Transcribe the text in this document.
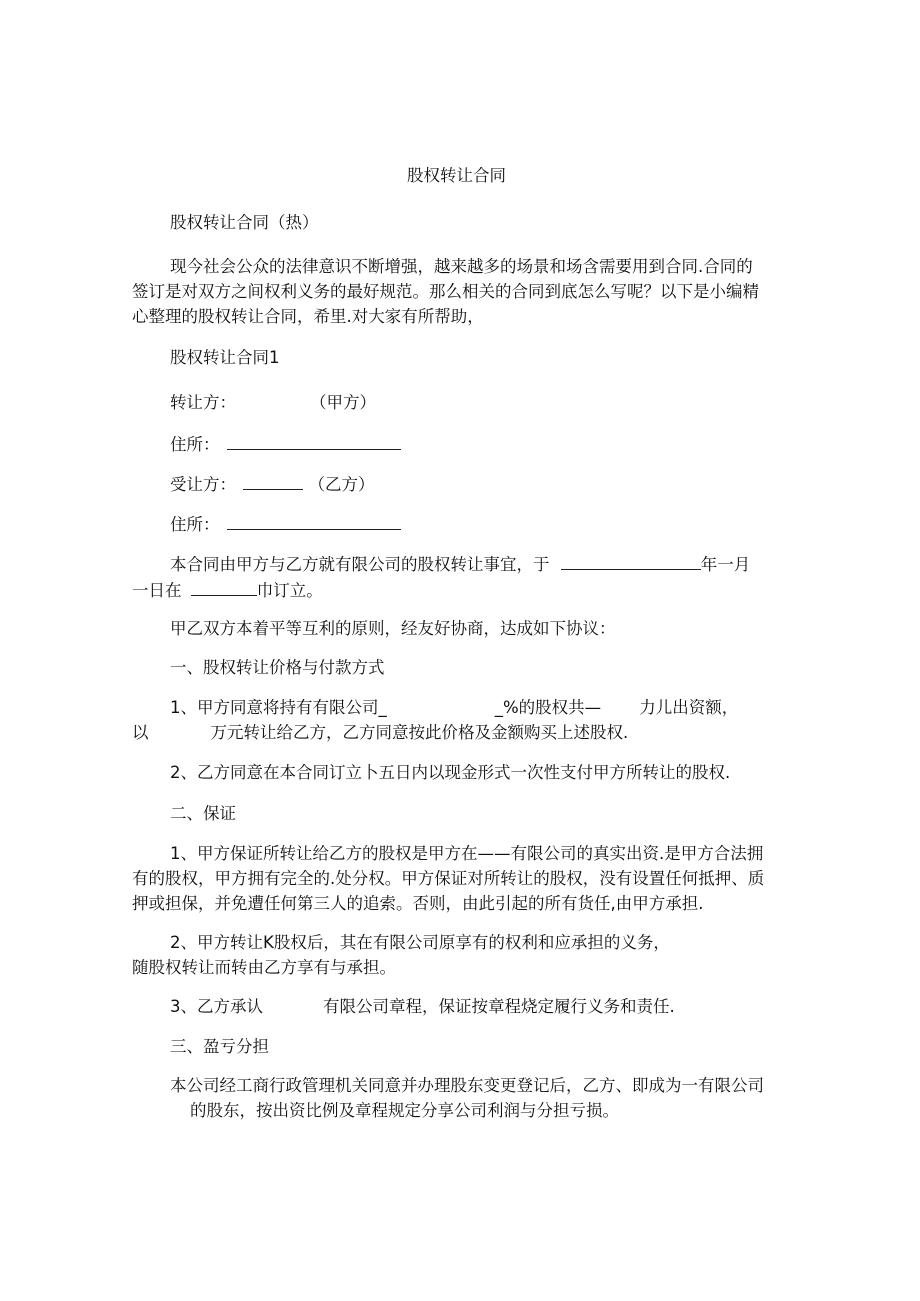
股权转让合同
股权转让合同（热）
现今社会公众的法律意识不断增强，越来越多的场景和场含需要用到合同.合同的
签订是对双方之间权利义务的最好规范。那么相关的合同到底怎么写呢？以下是小编精
心整理的股权转让合同，希里.对大家有所帮助，
股权转让合同1
转让方：	（甲方）
住所：
受让方：	（乙方）
住所：
本合同由甲方与乙方就有限公司的股权转让事宜，于	年一月
一日在	巾订立。
甲乙双方本着平等互利的原则，经友好协商，达成如下协议：
一、股权转让价格与付款方式
1、甲方同意将持有有限公司_	_%的股权共— 力儿出资额，
以	万元转让给乙方，乙方同意按此价格及金额购买上述股权.
2、乙方同意在本合同订立卜五日内以现金形式一次性支付甲方所转让的股权.
二、保证
1、甲方保证所转让给乙方的股权是甲方在——有限公司的真实出资.是甲方合法拥
有的股权，甲方拥有完全的.处分权。甲方保证对所转让的股权，没有设置任何抵押、质
押或担保，并免遭任何第三人的追索。否则，由此引起的所有货任,由甲方承担.
2、甲方转让K股权后，其在有限公司原享有的权利和应承担的义务，
随股权转让而转由乙方享有与承担。
3、乙方承认	有限公司章程，保证按章程烧定履行义务和责任.
三、盈亏分担
本公司经工商行政管理机关同意并办理股东变更登记后，乙方、即成为一有限公司
的股东，按出资比例及章程规定分享公司利润与分担亏损。
